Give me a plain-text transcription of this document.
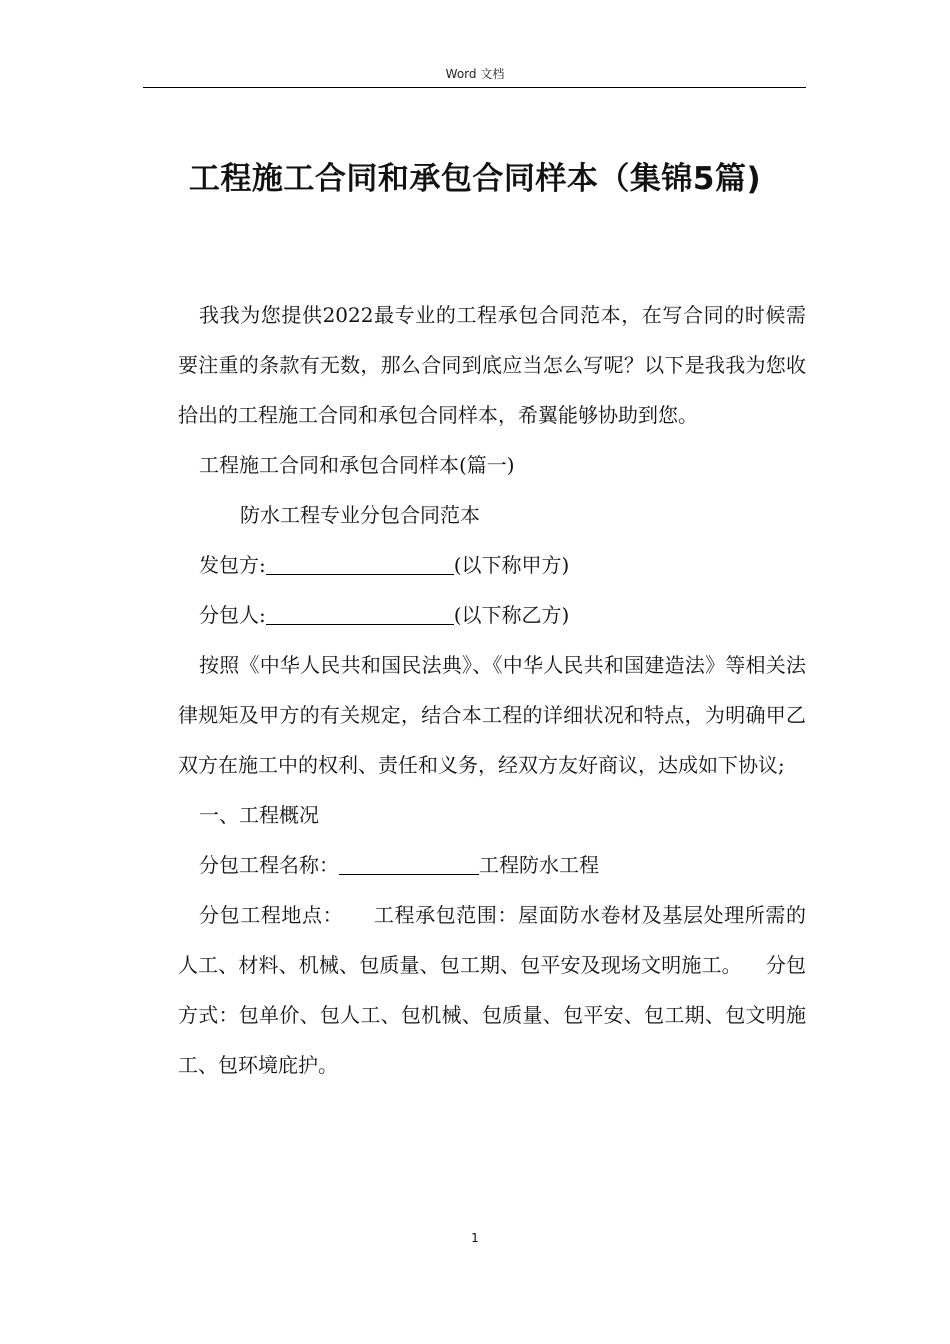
Word 文档
工程施工合同和承包合同样本（集锦5篇)

我我为您提供2022最专业的工程承包合同范本，在写合同的时候需要注重的条款有无数，那么合同到底应当怎么写呢？以下是我我为您收拾出的工程施工合同和承包合同样本，希翼能够协助到您。

工程施工合同和承包合同样本(篇一)

防水工程专业分包合同范本

发包方:	(以下称甲方)

分包人:	(以下称乙方)

按照《中华人民共和国民法典》、《中华人民共和国建造法》等相关法律规矩及甲方的有关规定，结合本工程的详细状况和特点，为明确甲乙双方在施工中的权利、责任和义务，经双方友好商议，达成如下协议;

一、工程概况

分包工程名称：	工程防水工程

分包工程地点： 工程承包范围：屋面防水卷材及基层处理所需的人工、材料、机械、包质量、包工期、包平安及现场文明施工。 分包方式：包单价、包人工、包机械、包质量、包平安、包工期、包文明施工、包环境庇护。

1
